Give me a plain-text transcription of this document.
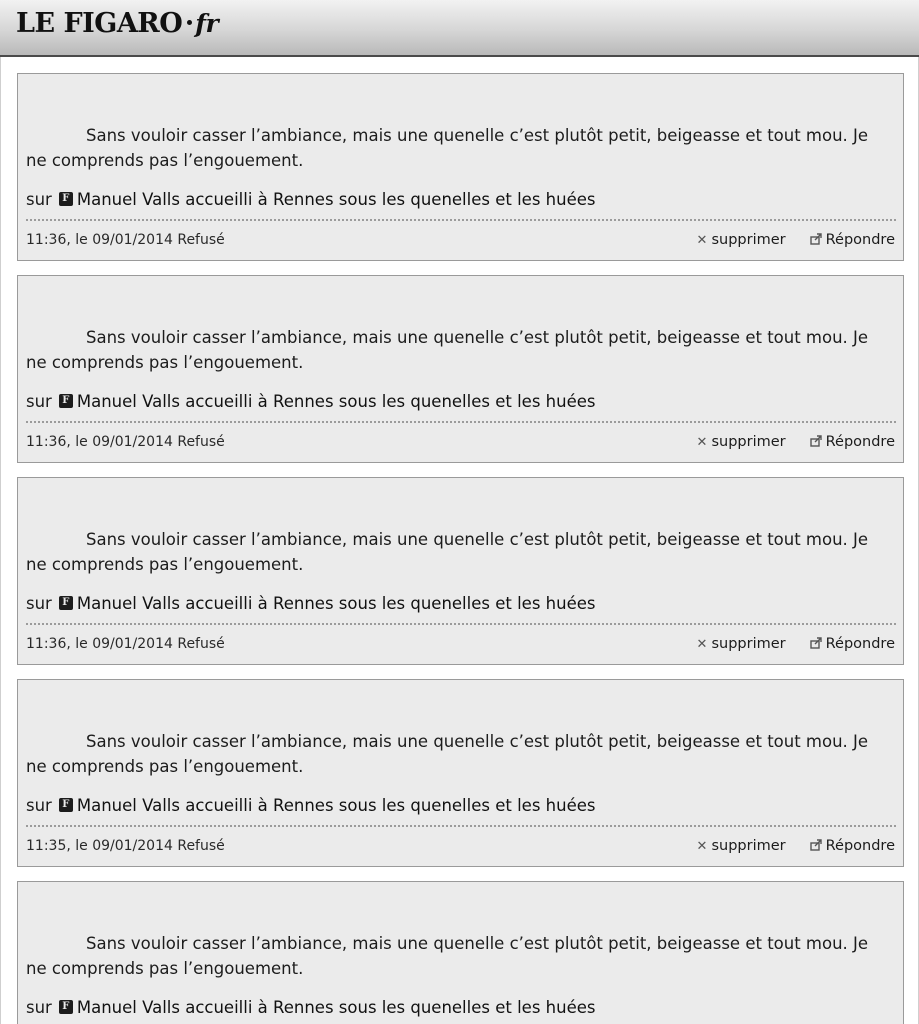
LE FIGARO fr
Sans vouloir casser l’ambiance, mais une quenelle c’est plutôt petit, beigeasse et tout mou. Je ne comprends pas l’engouement.
sur F Manuel Valls accueilli à Rennes sous les quenelles et les huées
11:36, le 09/01/2014 Refusé	✕ supprimer	Répondre
Sans vouloir casser l’ambiance, mais une quenelle c’est plutôt petit, beigeasse et tout mou. Je ne comprends pas l’engouement.
sur F Manuel Valls accueilli à Rennes sous les quenelles et les huées
11:36, le 09/01/2014 Refusé	✕ supprimer	Répondre
Sans vouloir casser l’ambiance, mais une quenelle c’est plutôt petit, beigeasse et tout mou. Je ne comprends pas l’engouement.
sur F Manuel Valls accueilli à Rennes sous les quenelles et les huées
11:36, le 09/01/2014 Refusé	✕ supprimer	Répondre
Sans vouloir casser l’ambiance, mais une quenelle c’est plutôt petit, beigeasse et tout mou. Je ne comprends pas l’engouement.
sur F Manuel Valls accueilli à Rennes sous les quenelles et les huées
11:35, le 09/01/2014 Refusé	✕ supprimer	Répondre
Sans vouloir casser l’ambiance, mais une quenelle c’est plutôt petit, beigeasse et tout mou. Je ne comprends pas l’engouement.
sur F Manuel Valls accueilli à Rennes sous les quenelles et les huées
